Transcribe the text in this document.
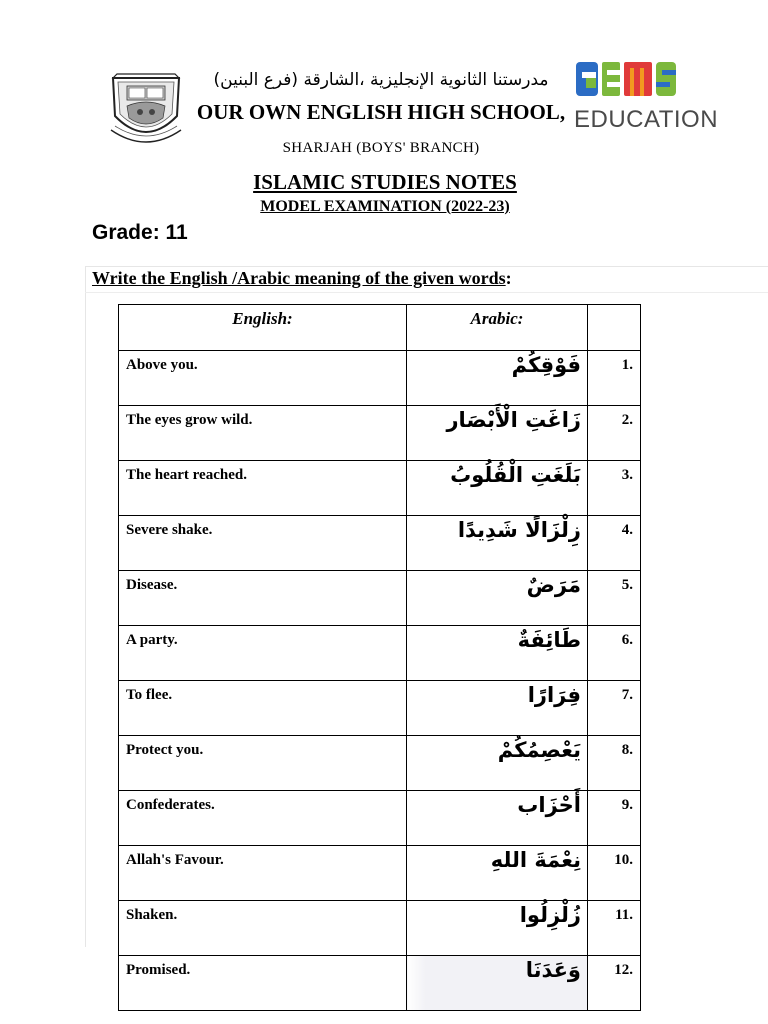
مدرستنا الثانوية الإنجليزية ،الشارقة (فرع البنين)
OUR OWN ENGLISH HIGH SCHOOL,
SHARJAH (BOYS' BRANCH)
EDUCATION
ISLAMIC STUDIES NOTES
MODEL EXAMINATION (2022-23)
Grade: 11
Write the English /Arabic meaning of the given words:
English:	Arabic:	
Above you.	فَوْقِكُمْ	1.
The eyes grow wild.	زَاغَتِ الْأَبْصَار	2.
The heart reached.	بَلَغَتِ الْقُلُوبُ	3.
Severe shake.	زِلْزَالًا شَدِيدًا	4.
Disease.	مَرَضٌ	5.
A party.	طَائِفَةٌ	6.
To flee.	فِرَارًا	7.
Protect you.	يَعْصِمُكُمْ	8.
Confederates.	أَحْزَاب	9.
Allah's Favour.	نِعْمَةَ اللهِ	10.
Shaken.	زُلْزِلُوا	11.
Promised.	وَعَدَنَا	12.
